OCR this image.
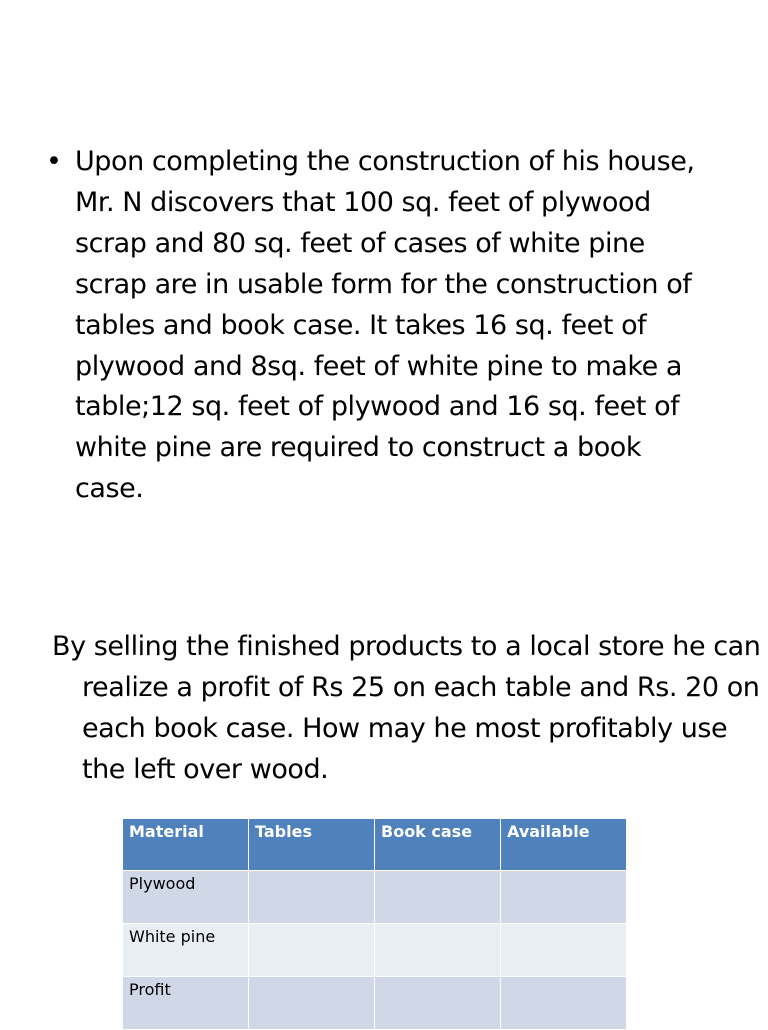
• Upon completing the construction of his house, Mr. N discovers that 100 sq. feet of plywood scrap and 80 sq. feet of cases of white pine scrap are in usable form for the construction of tables and book case. It takes 16 sq. feet of plywood and 8sq. feet of white pine to make a table;12 sq. feet of plywood and 16 sq. feet of white pine are required to construct a book case.

By selling the finished products to a local store he can realize a profit of Rs 25 on each table and Rs. 20 on each book case. How may he most profitably use the left over wood.

Material	Tables	Book case	Available
Plywood			
White pine			
Profit			
